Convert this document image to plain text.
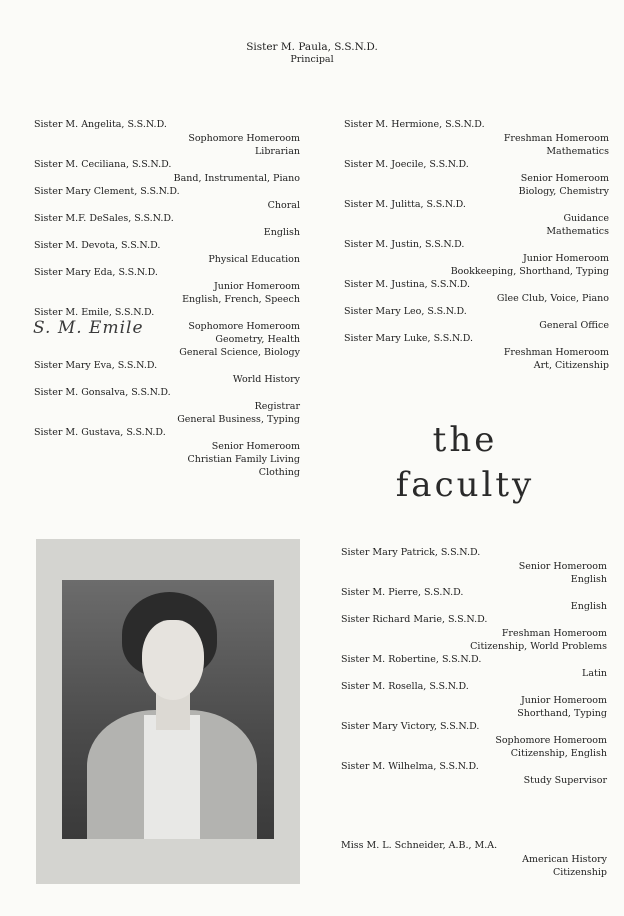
Sister M. Paula, S.S.N.D.
Principal
Sister M. Angelita, S.S.N.D.
Sophomore Homeroom
Librarian
Sister M. Ceciliana, S.S.N.D.
Band, Instrumental, Piano
Sister Mary Clement, S.S.N.D.
Choral
Sister M.F. DeSales, S.S.N.D.
English
Sister M. Devota, S.S.N.D.
Physical Education
Sister Mary Eda, S.S.N.D.
Junior Homeroom
English, French, Speech
Sister M. Emile, S.S.N.D.
Sophomore Homeroom
Geometry, Health
General Science, Biology
Sister Mary Eva, S.S.N.D.
World History
Sister M. Gonsalva, S.S.N.D.
Registrar
General Business, Typing
Sister M. Gustava, S.S.N.D.
Senior Homeroom
Christian Family Living
Clothing
Sister M. Hermione, S.S.N.D.
Freshman Homeroom
Mathematics
Sister M. Joecile, S.S.N.D.
Senior Homeroom
Biology, Chemistry
Sister M. Julitta, S.S.N.D.
Guidance
Mathematics
Sister M. Justin, S.S.N.D.
Junior Homeroom
Bookkeeping, Shorthand, Typing
Sister M. Justina, S.S.N.D.
Glee Club, Voice, Piano
Sister Mary Leo, S.S.N.D.
General Office
Sister Mary Luke, S.S.N.D.
Freshman Homeroom
Art, Citizenship
Sister Mary Patrick, S.S.N.D.
Senior Homeroom
English
Sister M. Pierre, S.S.N.D.
English
Sister Richard Marie, S.S.N.D.
Freshman Homeroom
Citizenship, World Problems
Sister M. Robertine, S.S.N.D.
Latin
Sister M. Rosella, S.S.N.D.
Junior Homeroom
Shorthand, Typing
Sister Mary Victory, S.S.N.D.
Sophomore Homeroom
Citizenship, English
Sister M. Wilhelma, S.S.N.D.
Study Supervisor
Miss M. L. Schneider, A.B., M.A.
American History
Citizenship
S. M. Emile
the
faculty
